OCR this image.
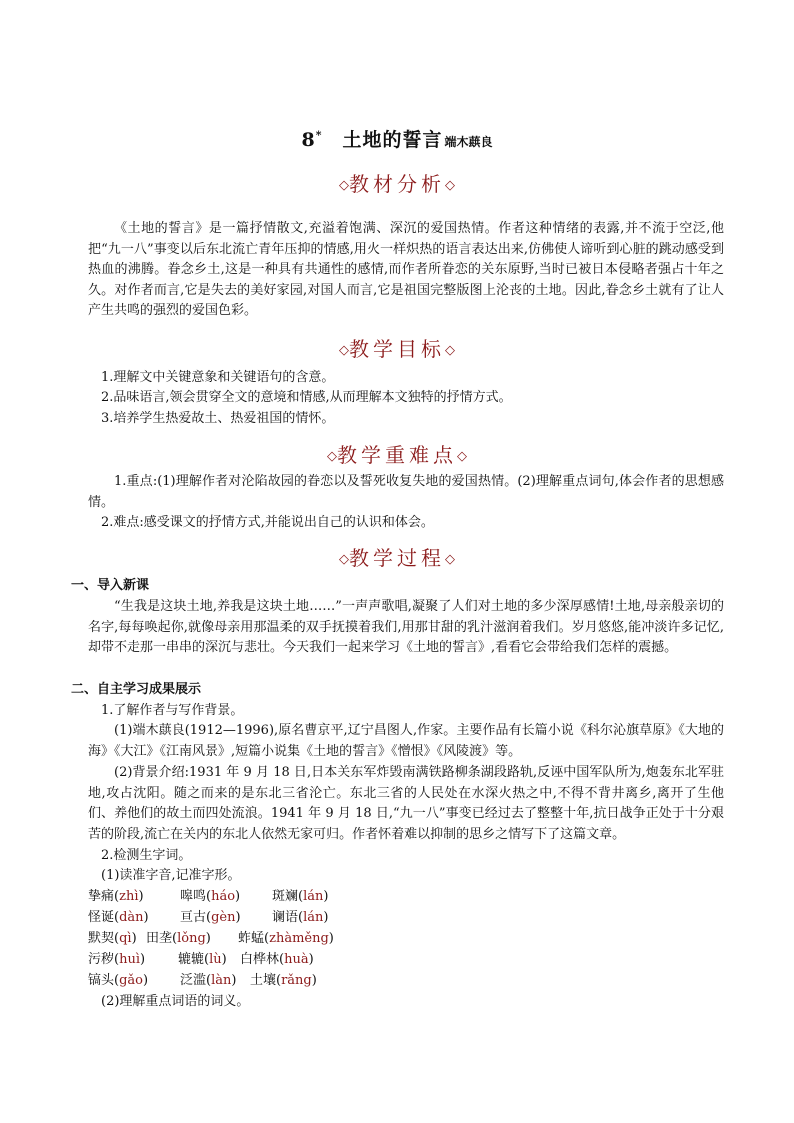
8* 土地的誓言 端木蕻良
◇教材分析◇

《土地的誓言》是一篇抒情散文,充溢着饱满、深沉的爱国热情。作者这种情绪的表露,并不流于空泛,他把“九一八”事变以后东北流亡青年压抑的情感,用火一样炽热的语言表达出来,仿佛使人谛听到心脏的跳动感受到热血的沸腾。眷念乡土,这是一种具有共通性的感情,而作者所眷恋的关东原野,当时已被日本侵略者强占十年之久。对作者而言,它是失去的美好家园,对国人而言,它是祖国完整版图上沦丧的土地。因此,眷念乡土就有了让人产生共鸣的强烈的爱国色彩。

◇教学目标◇
1.理解文中关键意象和关键语句的含意。
2.品味语言,领会贯穿全文的意境和情感,从而理解本文独特的抒情方式。
3.培养学生热爱故土、热爱祖国的情怀。
◇教学重难点◇

1.重点:(1)理解作者对沦陷故园的眷恋以及誓死收复失地的爱国热情。(2)理解重点词句,体会作者的思想感情。

2.难点:感受课文的抒情方式,并能说出自己的认识和体会。
◇教学过程◇
一、导入新课

“生我是这块土地,养我是这块土地……”一声声歌唱,凝聚了人们对土地的多少深厚感情!土地,母亲般亲切的名字,每每唤起你,就像母亲用那温柔的双手抚摸着我们,用那甘甜的乳汁滋润着我们。岁月悠悠,能冲淡许多记忆,却带不走那一串串的深沉与悲壮。今天我们一起来学习《土地的誓言》,看看它会带给我们怎样的震撼。

二、自主学习成果展示
1.了解作者与写作背景。

(1)端木蕻良(1912—1996),原名曹京平,辽宁昌图人,作家。主要作品有长篇小说《科尔沁旗草原》《大地的海》《大江》《江南风景》,短篇小说集《土地的誓言》《憎恨》《风陵渡》等。

(2)背景介绍:1931 年 9 月 18 日,日本关东军炸毁南满铁路柳条湖段路轨,反诬中国军队所为,炮轰东北军驻地,攻占沈阳。随之而来的是东北三省沦亡。东北三省的人民处在水深火热之中,不得不背井离乡,离开了生他们、养他们的故土而四处流浪。1941 年 9 月 18 日,“九一八”事变已经过去了整整十年,抗日战争正处于十分艰苦的阶段,流亡在关内的东北人依然无家可归。作者怀着难以抑制的思乡之情写下了这篇文章。

2.检测生字词。
(1)读准字音,记准字形。
挚痛(zhì)	嗥鸣(háo) 斑斓(lán)
怪诞(dàn) 亘古(gèn) 谰语(lán)
默契(qì) 田垄(lǒng) 蚱蜢(zhàměng)
污秽(huì)	辘辘(lù) 白桦林(huà)
镐头(gǎo) 泛滥(làn) 土壤(rǎng)
(2)理解重点词语的词义。
